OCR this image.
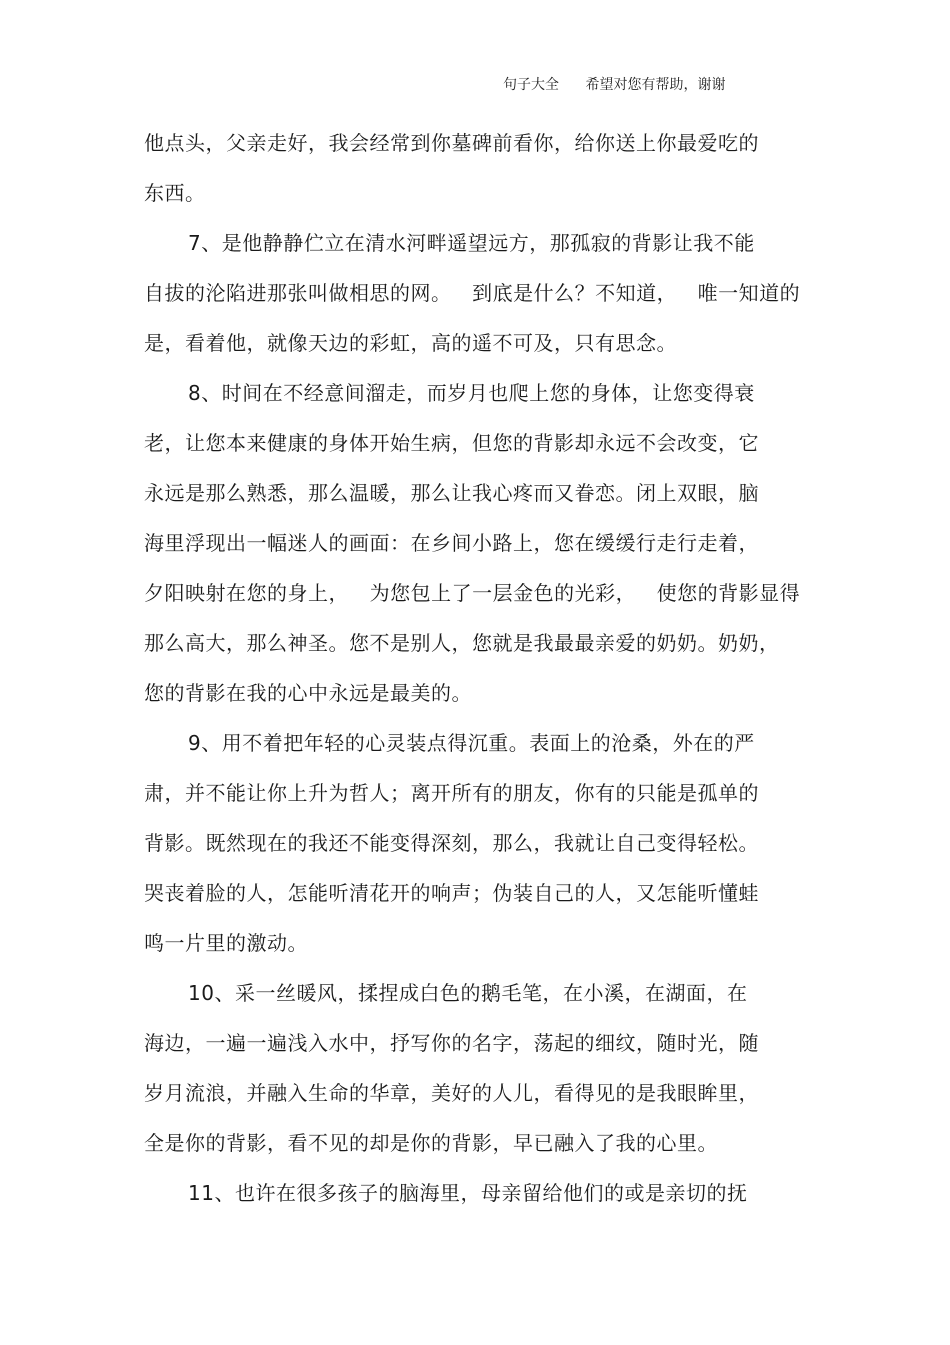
句子大全 希望对您有帮助，谢谢
他点头，父亲走好，我会经常到你墓碑前看你，给你送上你最爱吃的
东西。
7、是他静静伫立在清水河畔遥望远方，那孤寂的背影让我不能
自拔的沦陷进那张叫做相思的网。   到底是什么？不知道，   唯一知道的
是，看着他，就像天边的彩虹，高的遥不可及，只有思念。
8、时间在不经意间溜走，而岁月也爬上您的身体，让您变得衰
老，让您本来健康的身体开始生病，但您的背影却永远不会改变，它
永远是那么熟悉，那么温暖，那么让我心疼而又眷恋。闭上双眼，脑
海里浮现出一幅迷人的画面：在乡间小路上，您在缓缓行走行走着，
夕阳映射在您的身上，   为您包上了一层金色的光彩，   使您的背影显得
那么高大，那么神圣。您不是别人，您就是我最最亲爱的奶奶。奶奶，
您的背影在我的心中永远是最美的。
9、用不着把年轻的心灵装点得沉重。表面上的沧桑，外在的严
肃，并不能让你上升为哲人；离开所有的朋友，你有的只能是孤单的
背影。既然现在的我还不能变得深刻，那么，我就让自己变得轻松。
哭丧着脸的人，怎能听清花开的响声；伪装自己的人，又怎能听懂蛙
鸣一片里的激动。
10、采一丝暖风，揉捏成白色的鹅毛笔，在小溪，在湖面，在
海边，一遍一遍浅入水中，抒写你的名字，荡起的细纹，随时光，随
岁月流浪，并融入生命的华章，美好的人儿，看得见的是我眼眸里，
全是你的背影，看不见的却是你的背影，早已融入了我的心里。
11、也许在很多孩子的脑海里，母亲留给他们的或是亲切的抚
